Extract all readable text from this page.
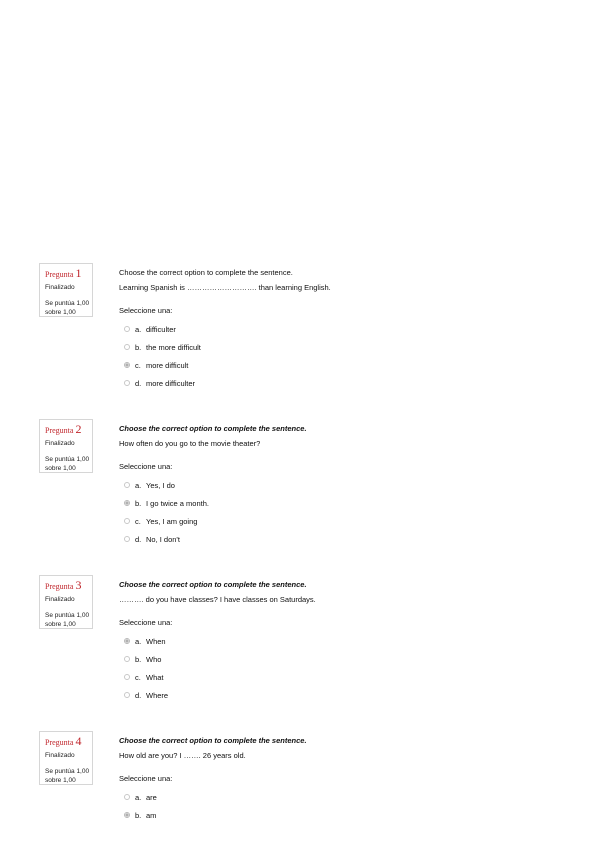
Pregunta 1
Finalizado
Se puntúa 1,00
sobre 1,00
Choose the correct option to complete the sentence.
Learning Spanish is ………………………. than learning English.
Seleccione una:
a. difficulter
b. the more difficult
c. more difficult
d. more difficulter
Pregunta 2
Finalizado
Se puntúa 1,00
sobre 1,00
Choose the correct option to complete the sentence.
How often do you go to the movie theater?
Seleccione una:
a. Yes, I do
b. I go twice a month.
c. Yes, I am going
d. No, I don't
Pregunta 3
Finalizado
Se puntúa 1,00
sobre 1,00
Choose the correct option to complete the sentence.
………. do you have classes? I have classes on Saturdays.
Seleccione una:
a. When
b. Who
c. What
d. Where
Pregunta 4
Finalizado
Se puntúa 1,00
sobre 1,00
Choose the correct option to complete the sentence.
How old are you? I ……. 26 years old.
Seleccione una:
a. are
b. am
